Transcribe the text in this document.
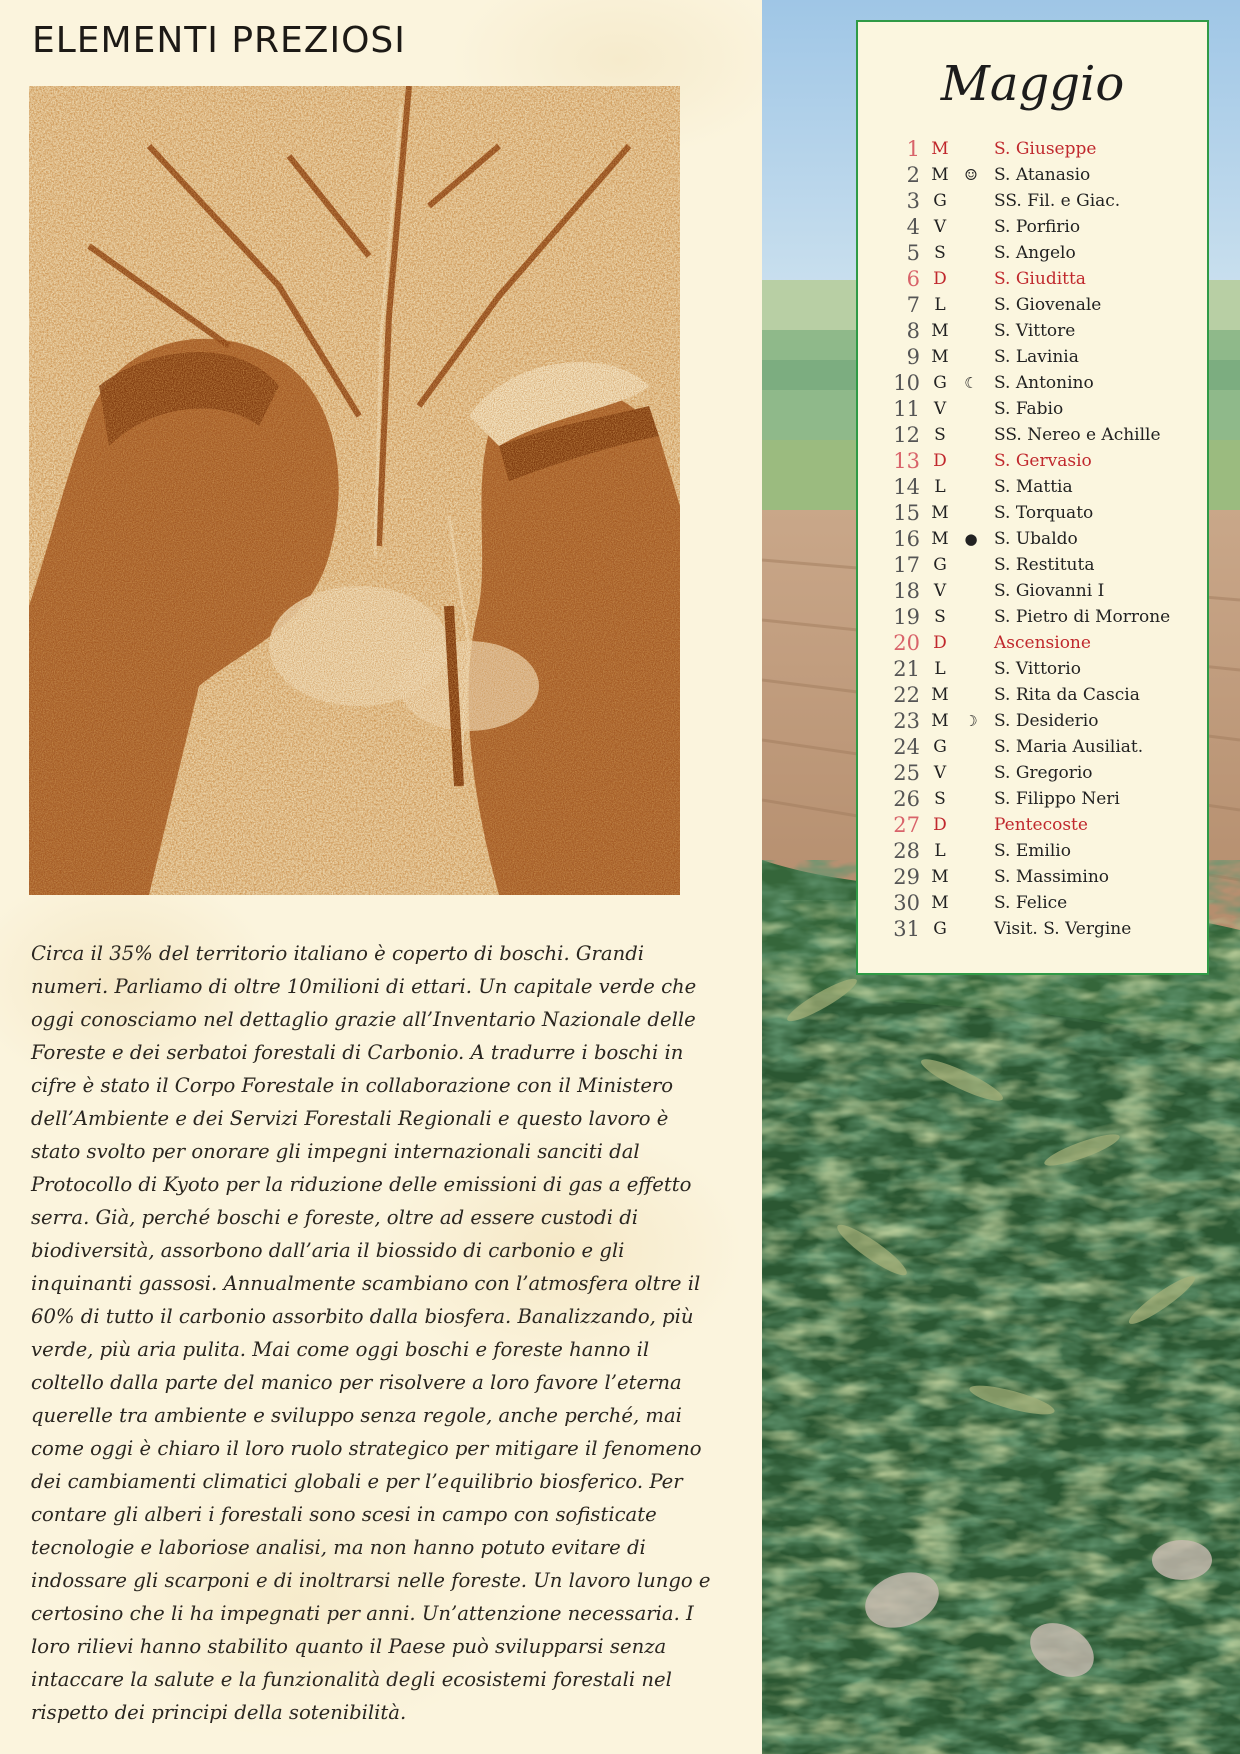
ELEMENTI PREZIOSI

Circa il 35% del territorio italiano è coperto di boschi. Grandi numeri. Parliamo di oltre 10milioni di ettari. Un capitale verde che oggi conosciamo nel dettaglio grazie all’Inventario Nazionale delle Foreste e dei serbatoi forestali di Carbonio. A tradurre i boschi in cifre è stato il Corpo Forestale in collaborazione con il Ministero dell’Ambiente e dei Servizi Forestali Regionali e questo lavoro è stato svolto per onorare gli impegni internazionali sanciti dal Protocollo di Kyoto per la riduzione delle emissioni di gas a effetto serra. Già, perché boschi e foreste, oltre ad essere custodi di biodiversità, assorbono dall’aria il biossido di carbonio e gli inquinanti gassosi. Annualmente scambiano con l’atmosfera oltre il 60% di tutto il carbonio assorbito dalla biosfera. Banalizzando, più verde, più aria pulita. Mai come oggi boschi e foreste hanno il coltello dalla parte del manico per risolvere a loro favore l’eterna querelle tra ambiente e sviluppo senza regole, anche perché, mai come oggi è chiaro il loro ruolo strategico per mitigare il fenomeno dei cambiamenti climatici globali e per l’equilibrio biosferico. Per contare gli alberi i forestali sono scesi in campo con sofisticate tecnologie e laboriose analisi, ma non hanno potuto evitare di indossare gli scarponi e di inoltrarsi nelle foreste. Un lavoro lungo e certosino che li ha impegnati per anni. Un’attenzione necessaria. I loro rilievi hanno stabilito quanto il Paese può svilupparsi senza intaccare la salute e la funzionalità degli ecosistemi forestali nel rispetto dei principi della sotenibilità.

Maggio
1 M	S. Giuseppe
2 M ☺ S. Atanasio
3 G	SS. Fil. e Giac.
4 V	S. Porfirio
5 S	S. Angelo
6 D	S. Giuditta
7 L	S. Giovenale
8 M	S. Vittore
9 M	S. Lavinia
10 G	☾ S. Antonino
11 V	S. Fabio
12 S	SS. Nereo e Achille
13 D	S. Gervasio
14 L	S. Mattia
15 M	S. Torquato
16 M ● S. Ubaldo
17 G	S. Restituta
18 V	S. Giovanni I
19 S	S. Pietro di Morrone
20 D	Ascensione
21 L	S. Vittorio
22 M	S. Rita da Cascia
23 M ☽ S. Desiderio
24 G	S. Maria Ausiliat.
25 V	S. Gregorio
26 S	S. Filippo Neri
27 D	Pentecoste
28 L	S. Emilio
29 M	S. Massimino
30 M	S. Felice
31 G	Visit. S. Vergine
